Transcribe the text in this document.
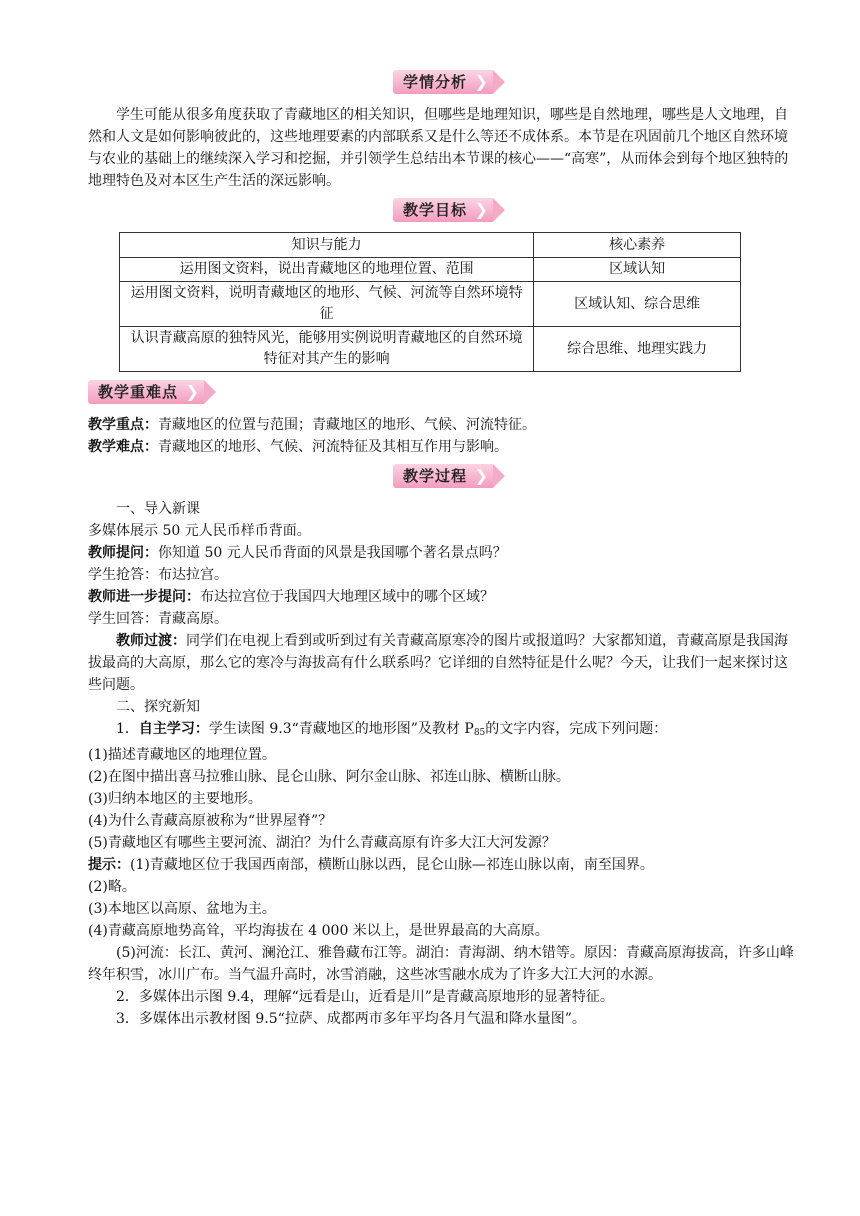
学情分析 ❯

学生可能从很多角度获取了青藏地区的相关知识，但哪些是地理知识，哪些是自然地理，哪些是人文地理，自然和人文是如何影响彼此的，这些地理要素的内部联系又是什么等还不成体系。本节是在巩固前几个地区自然环境与农业的基础上的继续深入学习和挖掘，并引领学生总结出本节课的核心——“高寒”，从而体会到每个地区独特的地理特色及对本区生产生活的深远影响。

教学目标 ❯
知识与能力	核心素养
运用图文资料，说出青藏地区的地理位置、范围	区域认知
运用图文资料，说明青藏地区的地形、气候、河流等自然环境特征	区域认知、综合思维
认识青藏高原的独特风光，能够用实例说明青藏地区的自然环境特征对其产生的影响	综合思维、地理实践力
教学重难点 ❯

教学重点：青藏地区的位置与范围；青藏地区的地形、气候、河流特征。

教学难点：青藏地区的地形、气候、河流特征及其相互作用与影响。

教学过程 ❯

一、导入新课

多媒体展示 50 元人民币样币背面。

教师提问：你知道 50 元人民币背面的风景是我国哪个著名景点吗？

学生抢答：布达拉宫。

教师进一步提问：布达拉宫位于我国四大地理区域中的哪个区域？

学生回答：青藏高原。

教师过渡：同学们在电视上看到或听到过有关青藏高原寒冷的图片或报道吗？大家都知道，青藏高原是我国海拔最高的大高原，那么它的寒冷与海拔高有什么联系吗？它详细的自然特征是什么呢？今天，让我们一起来探讨这些问题。

二、探究新知

1．自主学习：学生读图 9.3“青藏地区的地形图”及教材 $P_{85}$的文字内容，完成下列问题：

(1)描述青藏地区的地理位置。

(2)在图中描出喜马拉雅山脉、昆仑山脉、阿尔金山脉、祁连山脉、横断山脉。

(3)归纳本地区的主要地形。

(4)为什么青藏高原被称为“世界屋脊”？

(5)青藏地区有哪些主要河流、湖泊？为什么青藏高原有许多大江大河发源？

提示：(1)青藏地区位于我国西南部，横断山脉以西，昆仑山脉—祁连山脉以南，南至国界。

(2)略。

(3)本地区以高原、盆地为主。

(4)青藏高原地势高耸，平均海拔在 4 000 米以上，是世界最高的大高原。

(5)河流：长江、黄河、澜沧江、雅鲁藏布江等。湖泊：青海湖、纳木错等。原因：青藏高原海拔高，许多山峰终年积雪，冰川广布。当气温升高时，冰雪消融，这些冰雪融水成为了许多大江大河的水源。

2．多媒体出示图 9.4，理解“远看是山，近看是川”是青藏高原地形的显著特征。

3．多媒体出示教材图 9.5“拉萨、成都两市多年平均各月气温和降水量图”。
